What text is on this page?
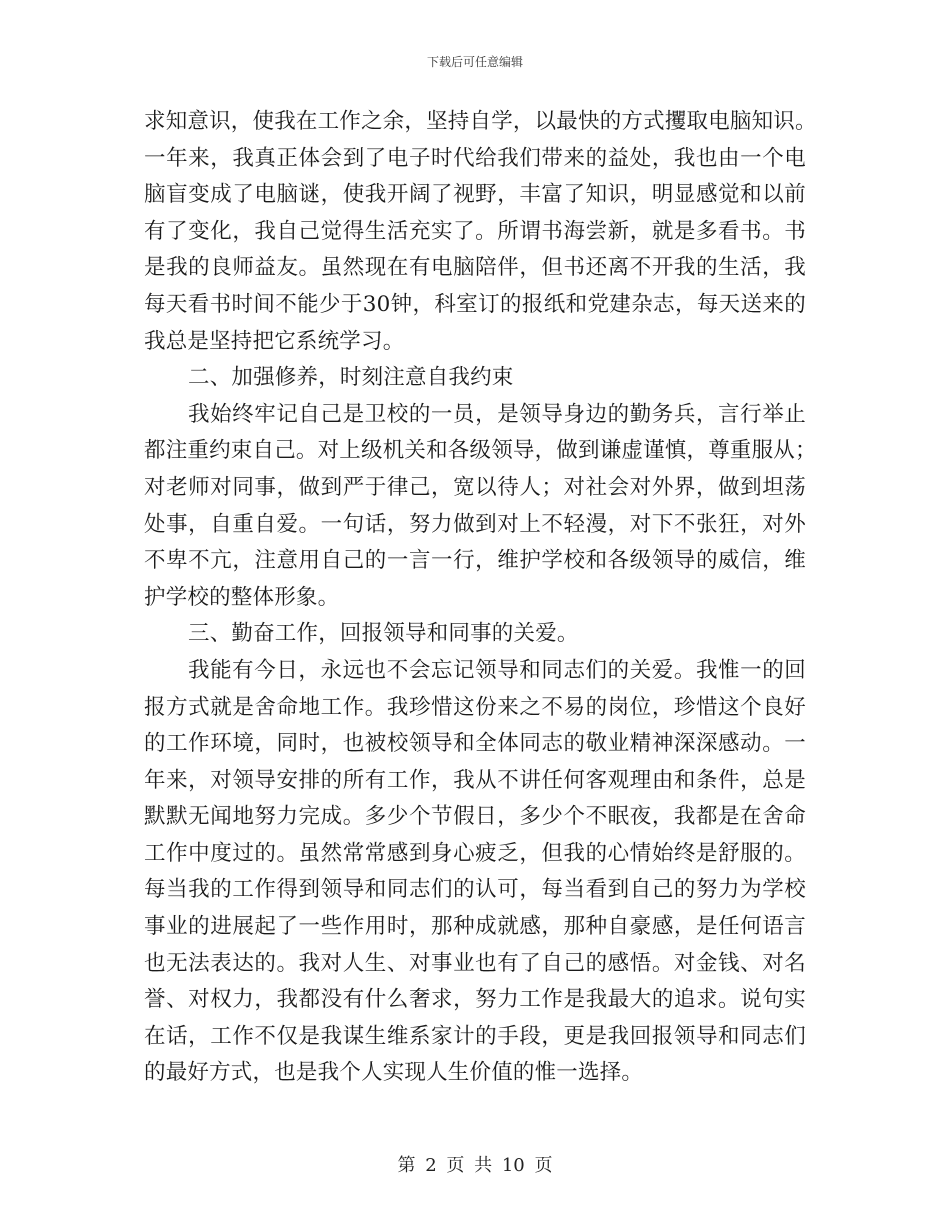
下载后可任意编辑
求知意识，使我在工作之余，坚持自学，以最快的方式攫取电脑知识。
一年来，我真正体会到了电子时代给我们带来的益处，我也由一个电
脑盲变成了电脑谜，使我开阔了视野，丰富了知识，明显感觉和以前
有了变化，我自己觉得生活充实了。所谓书海尝新，就是多看书。书
是我的良师益友。虽然现在有电脑陪伴，但书还离不开我的生活，我
每天看书时间不能少于30钟，科室订的报纸和党建杂志，每天送来的
我总是坚持把它系统学习。
二、加强修养，时刻注意自我约束
我始终牢记自己是卫校的一员，是领导身边的勤务兵，言行举止
都注重约束自己。对上级机关和各级领导，做到谦虚谨慎，尊重服从；
对老师对同事，做到严于律己，宽以待人；对社会对外界，做到坦荡
处事，自重自爱。一句话，努力做到对上不轻漫，对下不张狂，对外
不卑不亢，注意用自己的一言一行，维护学校和各级领导的威信，维
护学校的整体形象。
三、勤奋工作，回报领导和同事的关爱。
我能有今日，永远也不会忘记领导和同志们的关爱。我惟一的回
报方式就是舍命地工作。我珍惜这份来之不易的岗位，珍惜这个良好
的工作环境，同时，也被校领导和全体同志的敬业精神深深感动。一
年来，对领导安排的所有工作，我从不讲任何客观理由和条件，总是
默默无闻地努力完成。多少个节假日，多少个不眠夜，我都是在舍命
工作中度过的。虽然常常感到身心疲乏，但我的心情始终是舒服的。
每当我的工作得到领导和同志们的认可，每当看到自己的努力为学校
事业的进展起了一些作用时，那种成就感，那种自豪感，是任何语言
也无法表达的。我对人生、对事业也有了自己的感悟。对金钱、对名
誉、对权力，我都没有什么奢求，努力工作是我最大的追求。说句实
在话，工作不仅是我谋生维系家计的手段，更是我回报领导和同志们
的最好方式，也是我个人实现人生价值的惟一选择。
第 2 页 共 10 页
